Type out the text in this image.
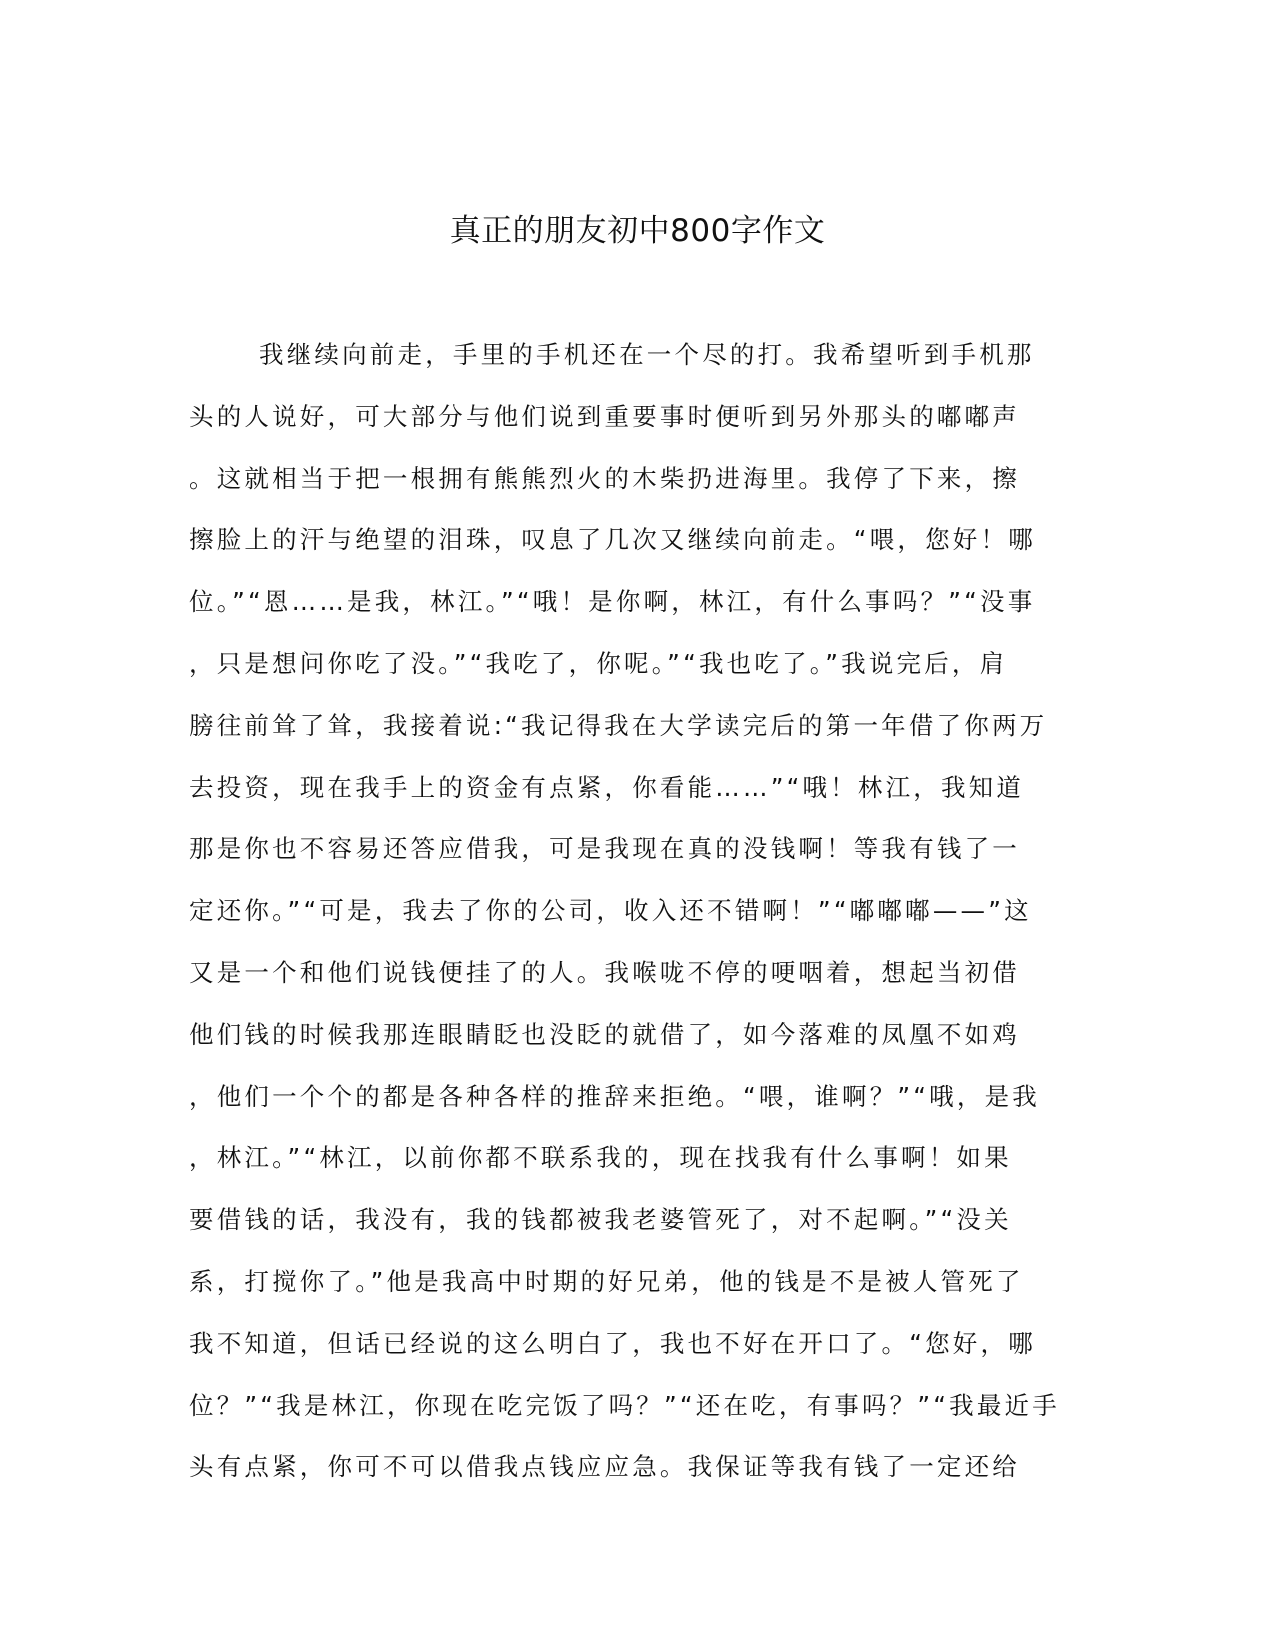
真正的朋友初中800字作文
我继续向前走，手里的手机还在一个尽的打。我希望听到手机那
头的人说好，可大部分与他们说到重要事时便听到另外那头的嘟嘟声
。这就相当于把一根拥有熊熊烈火的木柴扔进海里。我停了下来，擦
擦脸上的汗与绝望的泪珠，叹息了几次又继续向前走。“喂，您好！哪
位。”“恩……是我，林江。”“哦！是你啊，林江，有什么事吗？”“没事
，只是想问你吃了没。”“我吃了，你呢。”“我也吃了。”我说完后，肩
膀往前耸了耸，我接着说:“我记得我在大学读完后的第一年借了你两万
去投资，现在我手上的资金有点紧，你看能……”“哦！林江，我知道
那是你也不容易还答应借我，可是我现在真的没钱啊！等我有钱了一
定还你。”“可是，我去了你的公司，收入还不错啊！”“嘟嘟嘟——”这
又是一个和他们说钱便挂了的人。我喉咙不停的哽咽着，想起当初借
他们钱的时候我那连眼睛眨也没眨的就借了，如今落难的凤凰不如鸡
，他们一个个的都是各种各样的推辞来拒绝。“喂，谁啊？”“哦，是我
，林江。”“林江，以前你都不联系我的，现在找我有什么事啊！如果
要借钱的话，我没有，我的钱都被我老婆管死了，对不起啊。”“没关
系，打搅你了。”他是我高中时期的好兄弟，他的钱是不是被人管死了
我不知道，但话已经说的这么明白了，我也不好在开口了。“您好，哪
位？”“我是林江，你现在吃完饭了吗？”“还在吃，有事吗？”“我最近手
头有点紧，你可不可以借我点钱应应急。我保证等我有钱了一定还给
